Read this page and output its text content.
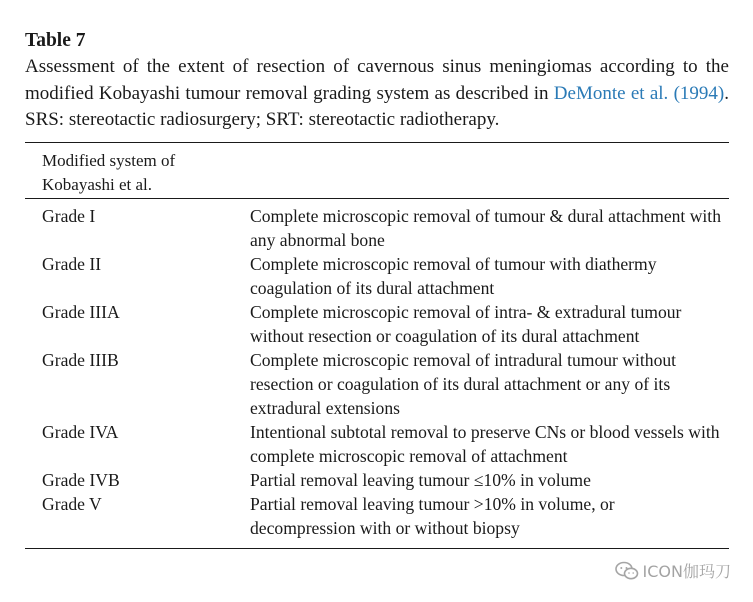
Table 7

Assessment of the extent of resection of cavernous sinus meningiomas according to the modified Kobayashi tumour removal grading system as described in DeMonte et al. (1994). SRS: stereotactic radiosurgery; SRT: stereotactic radiotherapy.

Modified system of Kobayashi et al.
Grade I	Complete microscopic removal of tumour & dural attachment with any abnormal bone
Grade II	Complete microscopic removal of tumour with diathermy coagulation of its dural attachment
Grade IIIA	Complete microscopic removal of intra- & extradural tumour without resection or coagulation of its dural attachment
Grade IIIB	Complete microscopic removal of intradural tumour without resection or coagulation of its dural attachment or any of its extradural extensions
Grade IVA	Intentional subtotal removal to preserve CNs or blood vessels with complete microscopic removal of attachment
Grade IVB	Partial removal leaving tumour ≤10% in volume
Grade V	Partial removal leaving tumour >10% in volume, or decompression with or without biopsy
ICON伽玛刀
